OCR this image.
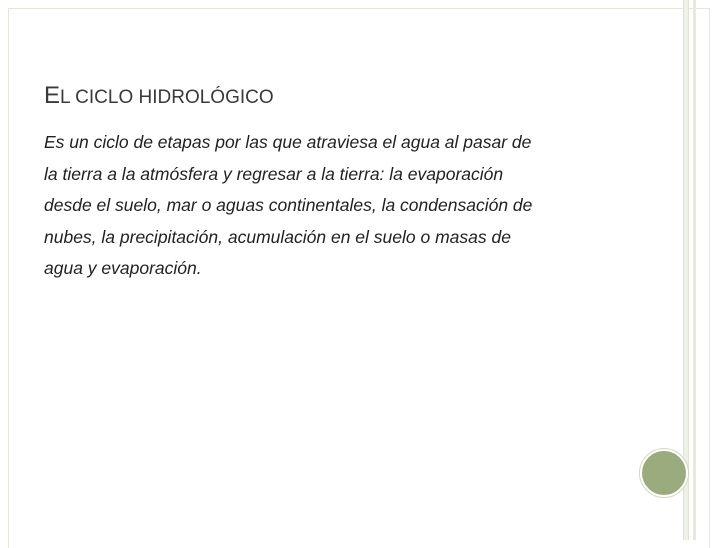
EL CICLO HIDROLÓGICO

Es un ciclo de etapas por las que atraviesa el agua al pasar de
la tierra a la atmósfera y regresar a la tierra: la evaporación
desde el suelo, mar o aguas continentales, la condensación de
nubes, la precipitación, acumulación en el suelo o masas de
agua y evaporación.
